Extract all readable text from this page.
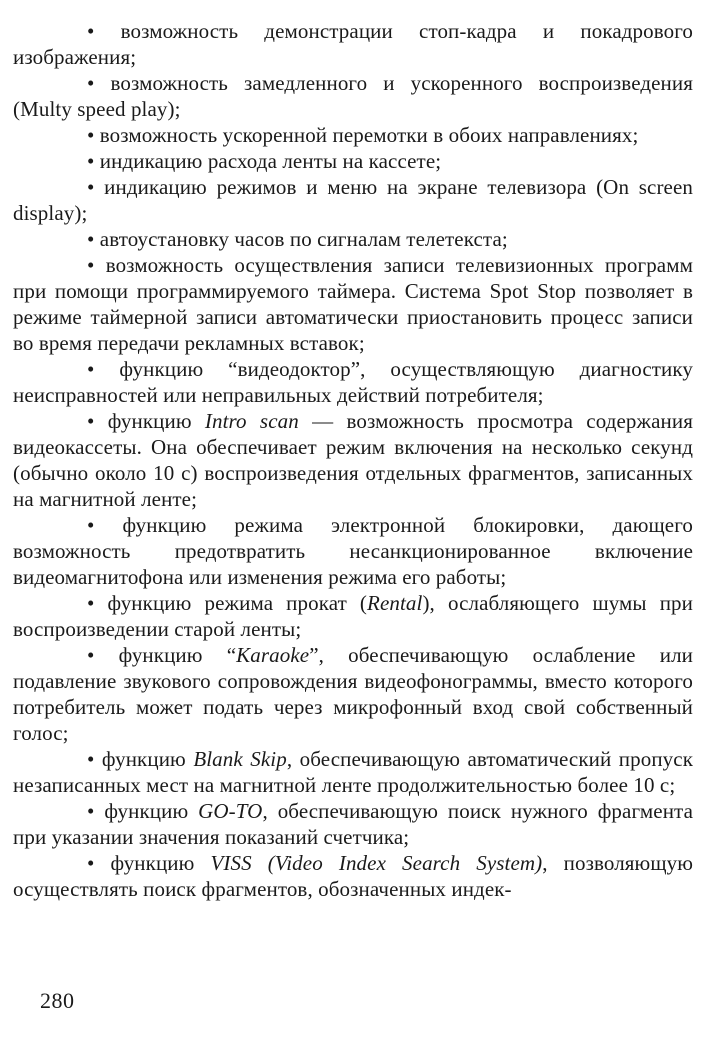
• возможность демонстрации стоп-кадра и покадрового изображения;

• возможность замедленного и ускоренного воспроизведения (Multy speed play);

• возможность ускоренной перемотки в обоих направлениях;

• индикацию расхода ленты на кассете;

• индикацию режимов и меню на экране телевизора (On screen display);

• автоустановку часов по сигналам телетекста;

• возможность осуществления записи телевизионных программ при помощи программируемого таймера. Система Spot Stop позволяет в режиме таймерной записи автоматически приостановить процесс записи во время передачи рекламных вставок;

• функцию “видеодоктор”, осуществляющую диагностику неисправностей или неправильных действий потребителя;

• функцию Intro scan — возможность просмотра содержания видеокассеты. Она обеспечивает режим включения на несколько секунд (обычно около 10 с) воспроизведения отдельных фрагментов, записанных на магнитной ленте;

• функцию режима электронной блокировки, дающего возможность предотвратить несанкционированное включение видеомагнитофона или изменения режима его работы;

• функцию режима прокат (Rental), ослабляющего шумы при воспроизведении старой ленты;

• функцию “Karaoke”, обеспечивающую ослабление или подавление звукового сопровождения видеофонограммы, вместо которого потребитель может подать через микрофонный вход свой собственный голос;

• функцию Blank Skip, обеспечивающую автоматический пропуск незаписанных мест на магнитной ленте продолжительностью более 10 с;

• функцию GO-TO, обеспечивающую поиск нужного фрагмента при указании значения показаний счетчика;

• функцию VISS (Video Index Search System), позволяющую осуществлять поиск фрагментов, обозначенных индек-

280
